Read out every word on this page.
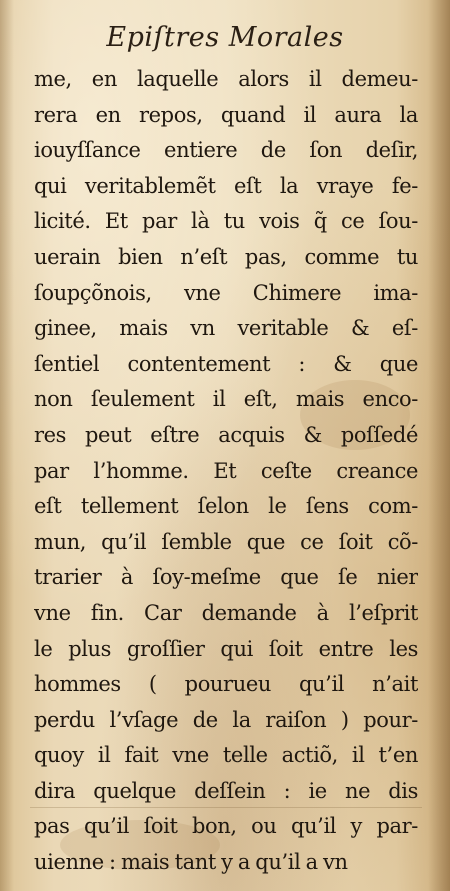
Epiſtres Morales
me, en laquelle alors il demeu-
rera en repos, quand il aura la
iouyſſance entiere de ſon deſir,
qui veritablemẽt eſt la vraye fe-
licité. Et par là tu vois q̃ ce ſou-
uerain bien n’eſt pas, comme tu
ſoupçõnois, vne Chimere ima-
ginee, mais vn veritable & eſ-
ſentiel contentement : & que
non ſeulement il eſt, mais enco-
res peut eſtre acquis & poſſedé
par l’homme. Et ceſte creance
eſt tellement ſelon le ſens com-
mun, qu’il ſemble que ce ſoit cõ-
trarier à ſoy-meſme que ſe nier
vne fin. Car demande à l’eſprit
le plus groſſier qui ſoit entre les
hommes ( pourueu qu’il n’ait
perdu l’vſage de la raiſon ) pour-
quoy il fait vne telle actiõ, il t’en
dira quelque deſſein : ie ne dis
pas qu’il ſoit bon, ou qu’il y par-
uienne : mais tant y a qu’il a vn
